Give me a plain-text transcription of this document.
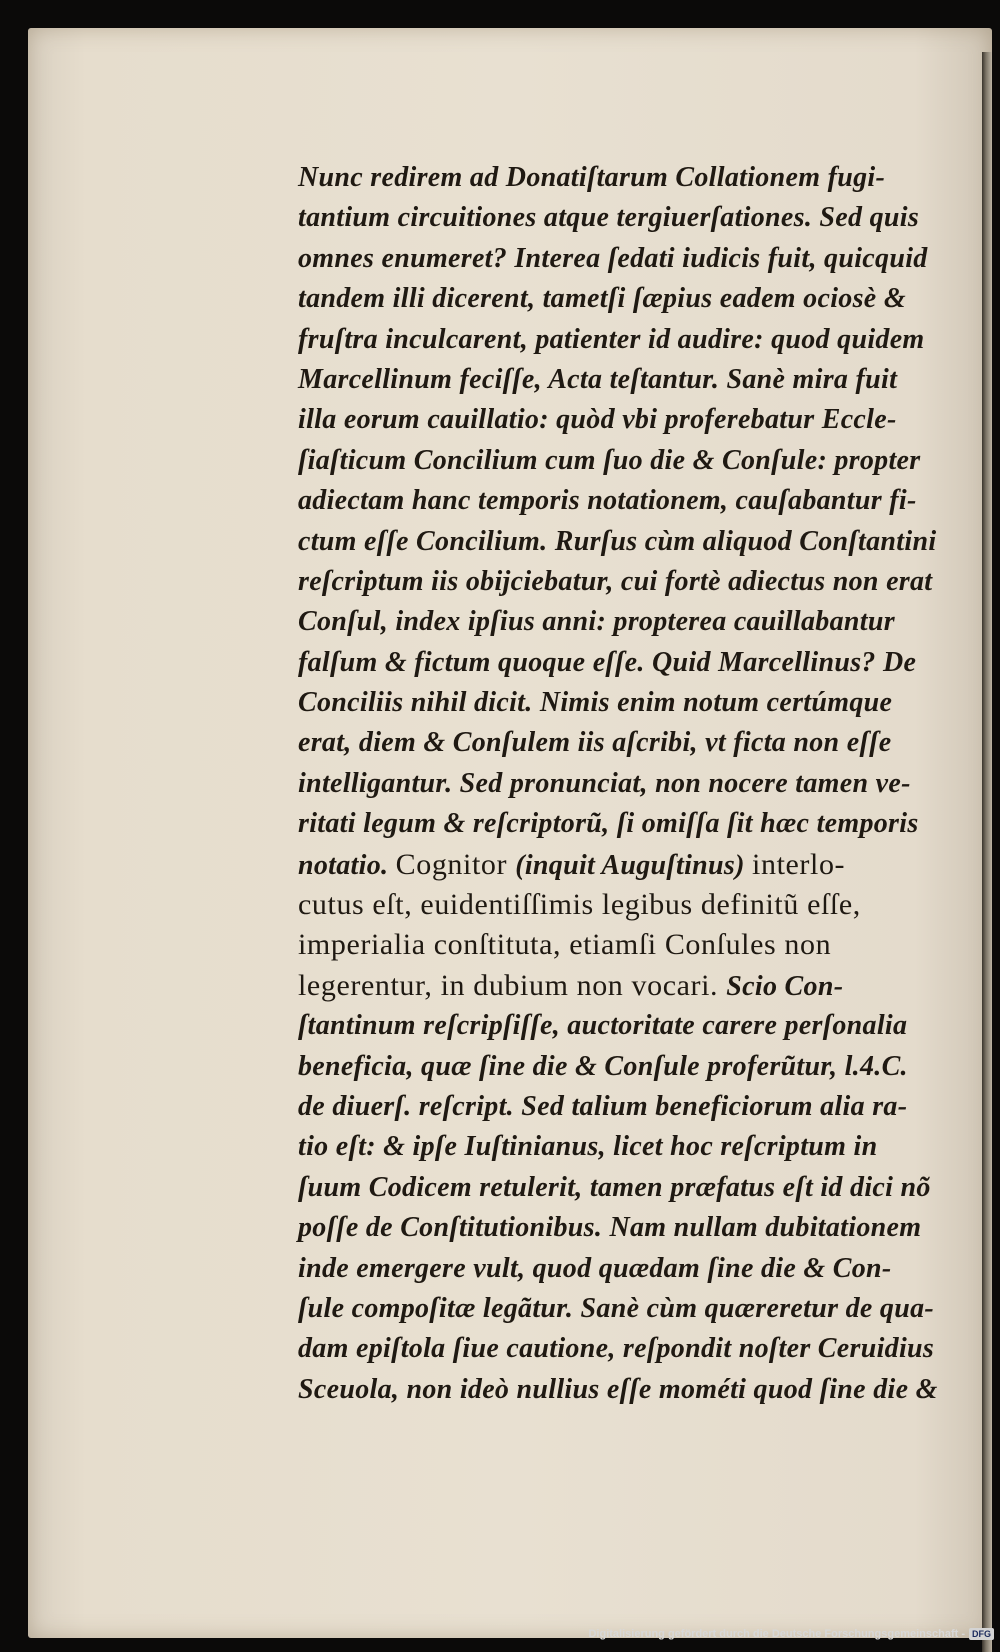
Nunc redirem ad Donatiſtarum Collationem fugi-
tantium circuitiones atque tergiuerſationes. Sed quis
omnes enumeret? Interea ſedati iudicis fuit, quicquid
tandem illi dicerent, tametſi ſæpius eadem ociosè &
fruſtra inculcarent, patienter id audire: quod quidem
Marcellinum feciſſe, Acta teſtantur. Sanè mira fuit
illa eorum cauillatio: quòd vbi proferebatur Eccle-
ſiaſticum Concilium cum ſuo die & Conſule: propter
adiectam hanc temporis notationem, cauſabantur fi-
ctum eſſe Concilium. Rurſus cùm aliquod Conſtantini
reſcriptum iis obijciebatur, cui fortè adiectus non erat
Conſul, index ipſius anni: propterea cauillabantur
falſum & fictum quoque eſſe. Quid Marcellinus? De
Conciliis nihil dicit. Nimis enim notum certúmque
erat, diem & Conſulem iis aſcribi, vt ficta non eſſe
intelligantur. Sed pronunciat, non nocere tamen ve-
ritati legum & reſcriptorũ, ſi omiſſa ſit hæc temporis
notatio. Cognitor (inquit Auguſtinus) interlo-
cutus eſt, euidentiſſimis legibus definitũ eſſe,
imperialia conſtituta, etiamſi Conſules non
legerentur, in dubium non vocari. Scio Con-
ſtantinum reſcripſiſſe, auctoritate carere perſonalia
beneficia, quæ ſine die & Conſule proferũtur, l.4.C.
de diuerſ. reſcript. Sed talium beneficiorum alia ra-
tio eſt: & ipſe Iuſtinianus, licet hoc reſcriptum in
ſuum Codicem retulerit, tamen præfatus eſt id dici nõ
poſſe de Conſtitutionibus. Nam nullam dubitationem
inde emergere vult, quod quædam ſine die & Con-
ſule compoſitæ legãtur. Sanè cùm quæreretur de qua-
dam epiſtola ſiue cautione, reſpondit noſter Ceruidius
Sceuola, non ideò nullius eſſe mométi quod ſine die &
Digitalisierung gefördert durch die Deutsche Forschungsgemeinschaft - DFG
